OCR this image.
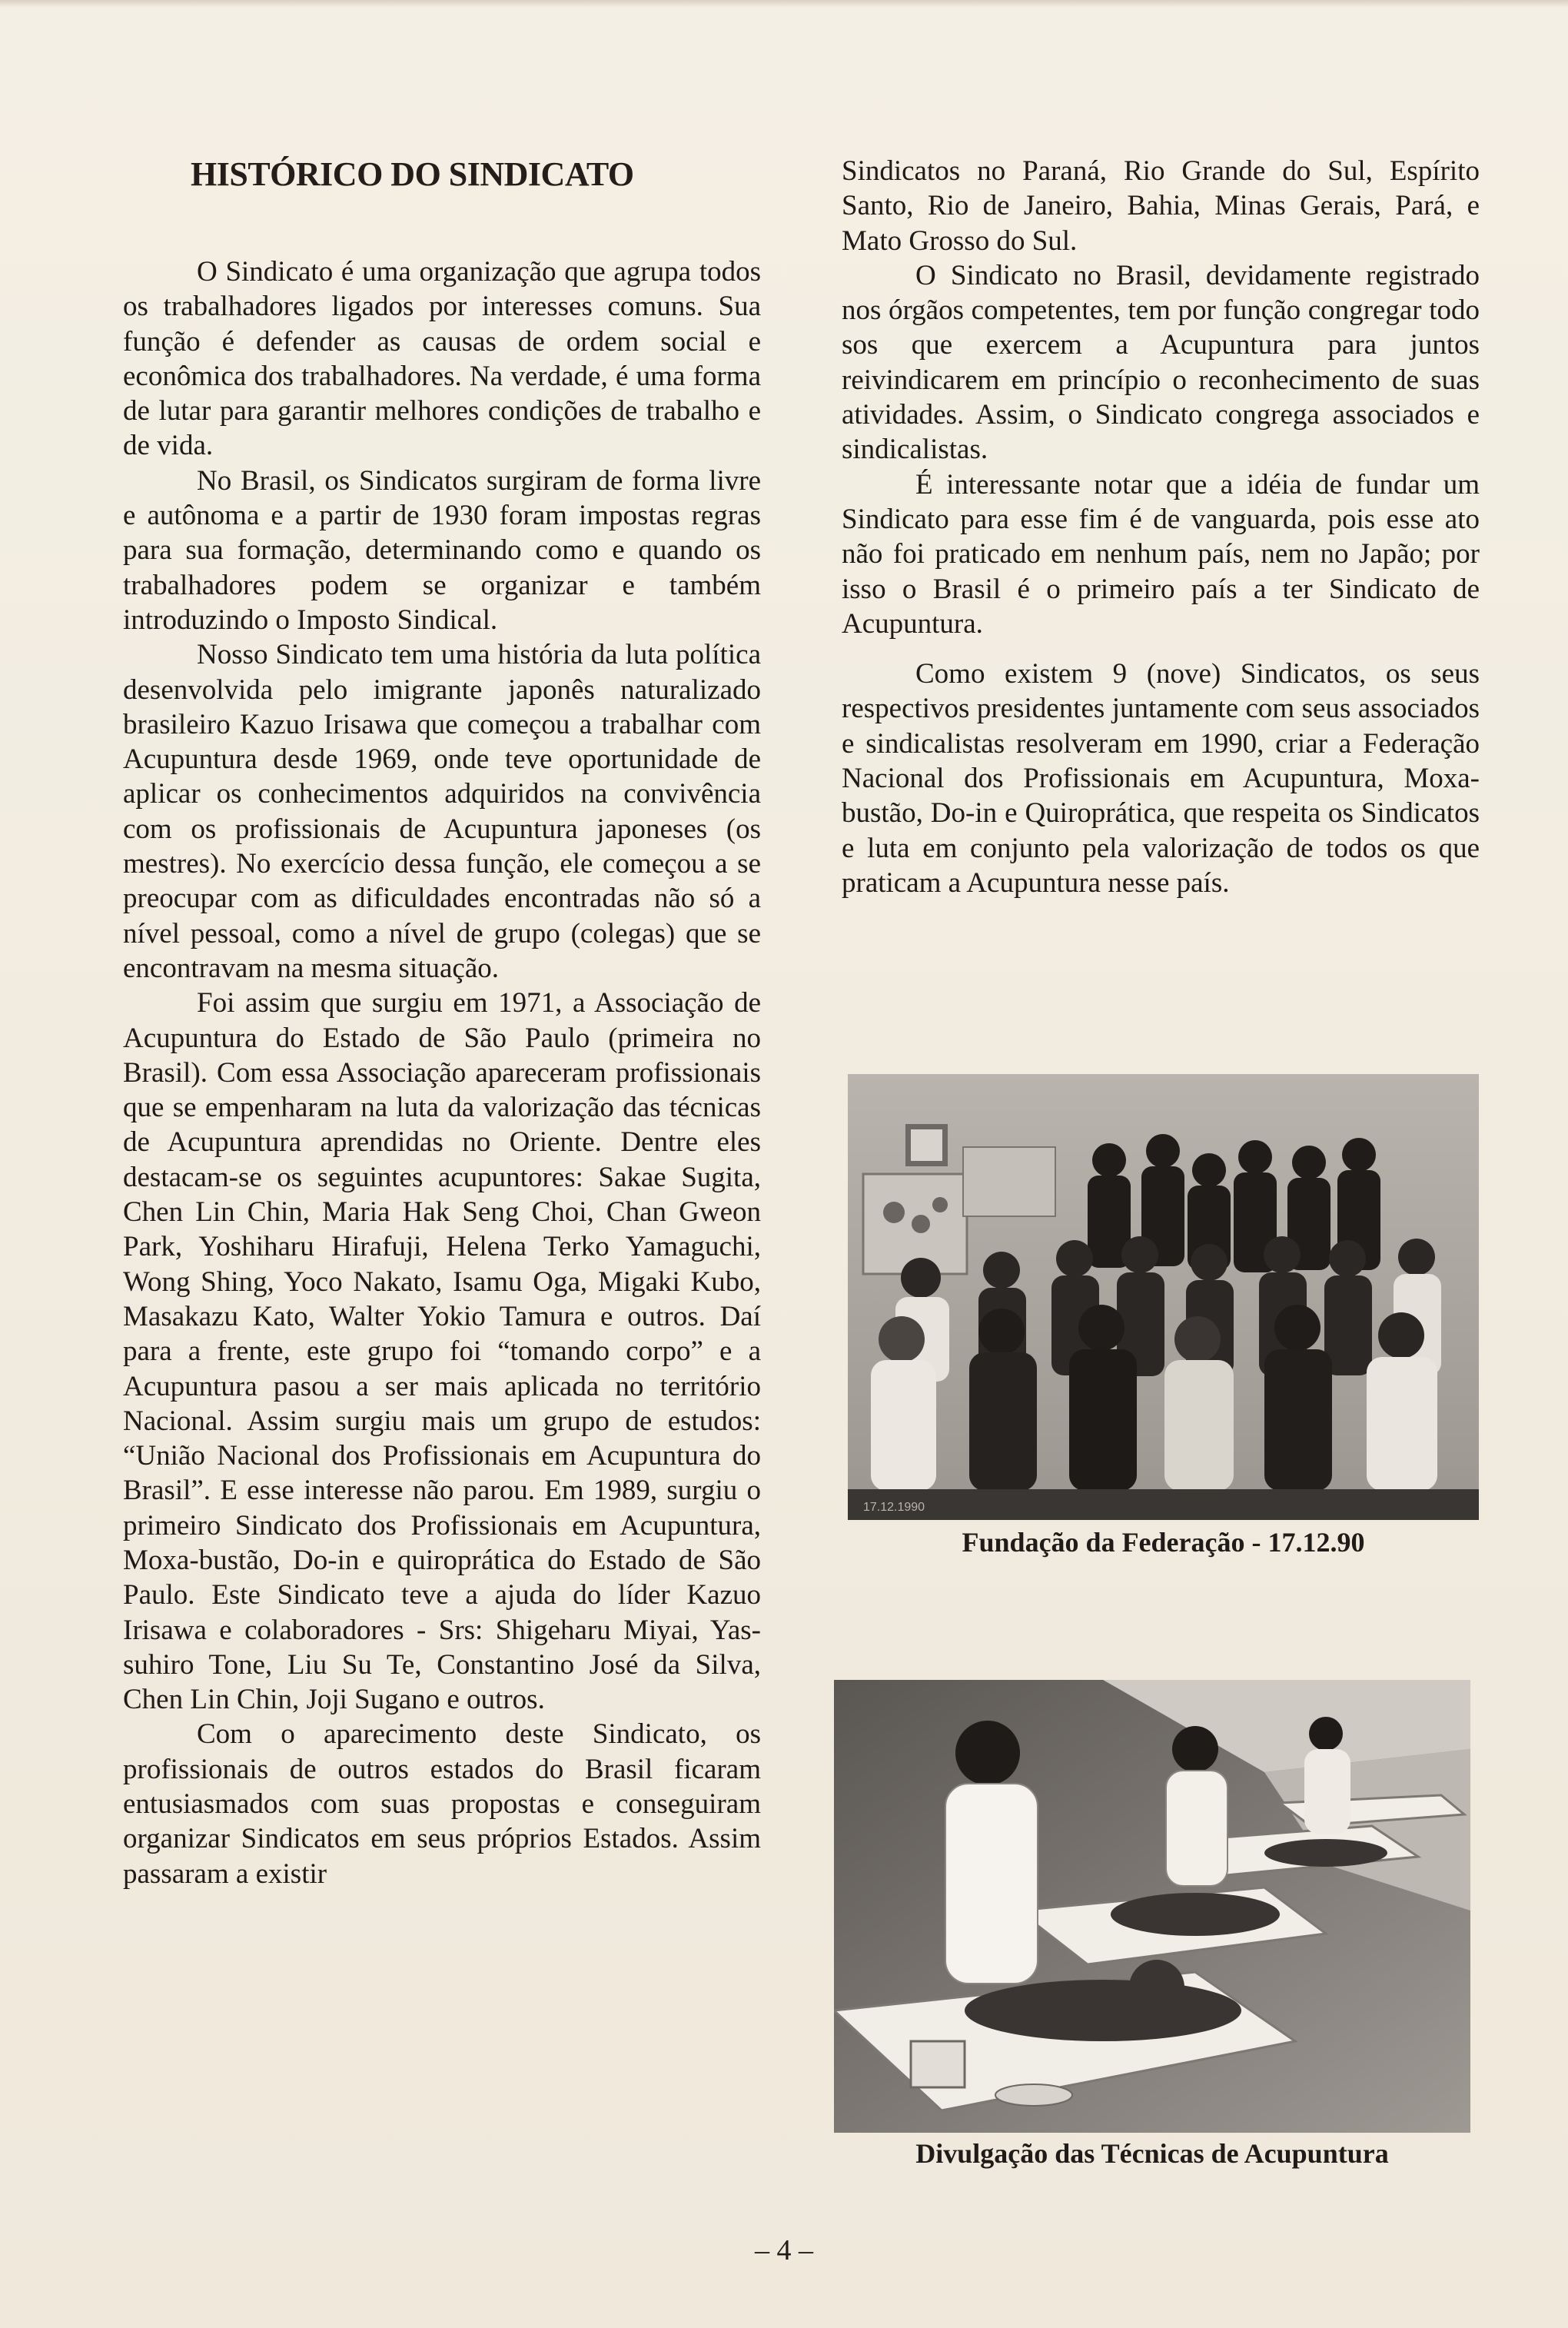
HISTÓRICO DO SINDICATO

O Sindicato é uma organização que agrupa todos os trabalhadores ligados por interesses comuns. Sua função é defender as causas de ordem social e econômica dos trabalhadores. Na verdade, é uma forma de lutar para garantir melhores condições de trabalho e de vida.

No Brasil, os Sindicatos surgiram de forma livre e autônoma e a partir de 1930 foram impostas regras para sua formação, determinando como e quando os trabalhadores podem se organizar e também introduzindo o Imposto Sindical.

Nosso Sindicato tem uma história da luta política desenvolvida pelo imigrante japonês naturalizado brasileiro Kazuo Irisawa que começou a trabalhar com Acupuntura desde 1969, onde teve oportunidade de aplicar os conhecimentos adquiridos na convivência com os profissionais de Acupuntura japoneses (os mestres). No exercício dessa função, ele começou a se preocupar com as dificuldades encontradas não só a nível pessoal, como a nível de grupo (colegas) que se encontravam na mesma situação.

Foi assim que surgiu em 1971, a Associação de Acupuntura do Estado de São Paulo (primeira no Brasil). Com essa Associação apareceram profissionais que se empenharam na luta da valorização das técnicas de Acupuntura aprendidas no Oriente. Dentre eles destacam-se os seguintes acupuntores: Sakae Sugita, Chen Lin Chin, Maria Hak Seng Choi, Chan Gweon Park, Yoshiharu Hirafuji, Helena Terko Yamaguchi, Wong Shing, Yoco Nakato, Isamu Oga, Migaki Kubo, Masakazu Kato, Walter Yokio Tamura e outros. Daí para a frente, este grupo foi “tomando corpo” e a Acupuntura pasou a ser mais aplicada no território Nacional. Assim surgiu mais um grupo de estudos: “União Nacional dos Profissionais em Acupuntura do Brasil”. E esse interesse não parou. Em 1989, surgiu o primeiro Sindicato dos Profissionais em Acupuntura, Moxa-bustão, Do-in e quiroprática do Estado de São Paulo. Este Sindicato teve a ajuda do líder Kazuo Irisawa e colaboradores - Srs: Shigeharu Miyai, Yassuhiro Tone, Liu Su Te, Constantino José da Silva, Chen Lin Chin, Joji Sugano e outros.

Com o aparecimento deste Sindicato, os profissionais de outros estados do Brasil ficaram entusiasmados com suas propostas e conseguiram organizar Sindicatos em seus próprios Estados. Assim passaram a existir

Sindicatos no Paraná, Rio Grande do Sul, Espírito Santo, Rio de Janeiro, Bahia, Minas Gerais, Pará, e Mato Grosso do Sul.

O Sindicato no Brasil, devidamente registrado nos órgãos competentes, tem por função congregar todo sos que exercem a Acupuntura para juntos reivindicarem em princípio o reconhecimento de suas atividades. Assim, o Sindicato congrega associados e sindicalistas.

É interessante notar que a idéia de fundar um Sindicato para esse fim é de vanguarda, pois esse ato não foi praticado em nenhum país, nem no Japão; por isso o Brasil é o primeiro país a ter Sindicato de Acupuntura.

Como existem 9 (nove) Sindicatos, os seus respectivos presidentes juntamente com seus associados e sindicalistas resolveram em 1990, criar a Federação Nacional dos Profissionais em Acupuntura, Moxa-bustão, Do-in e Quiroprática, que respeita os Sindicatos e luta em conjunto pela valorização de todos os que praticam a Acupuntura nesse país.

17.12.1990
Fundação da Federação - 17.12.90
Divulgação das Técnicas de Acupuntura
– 4 –
